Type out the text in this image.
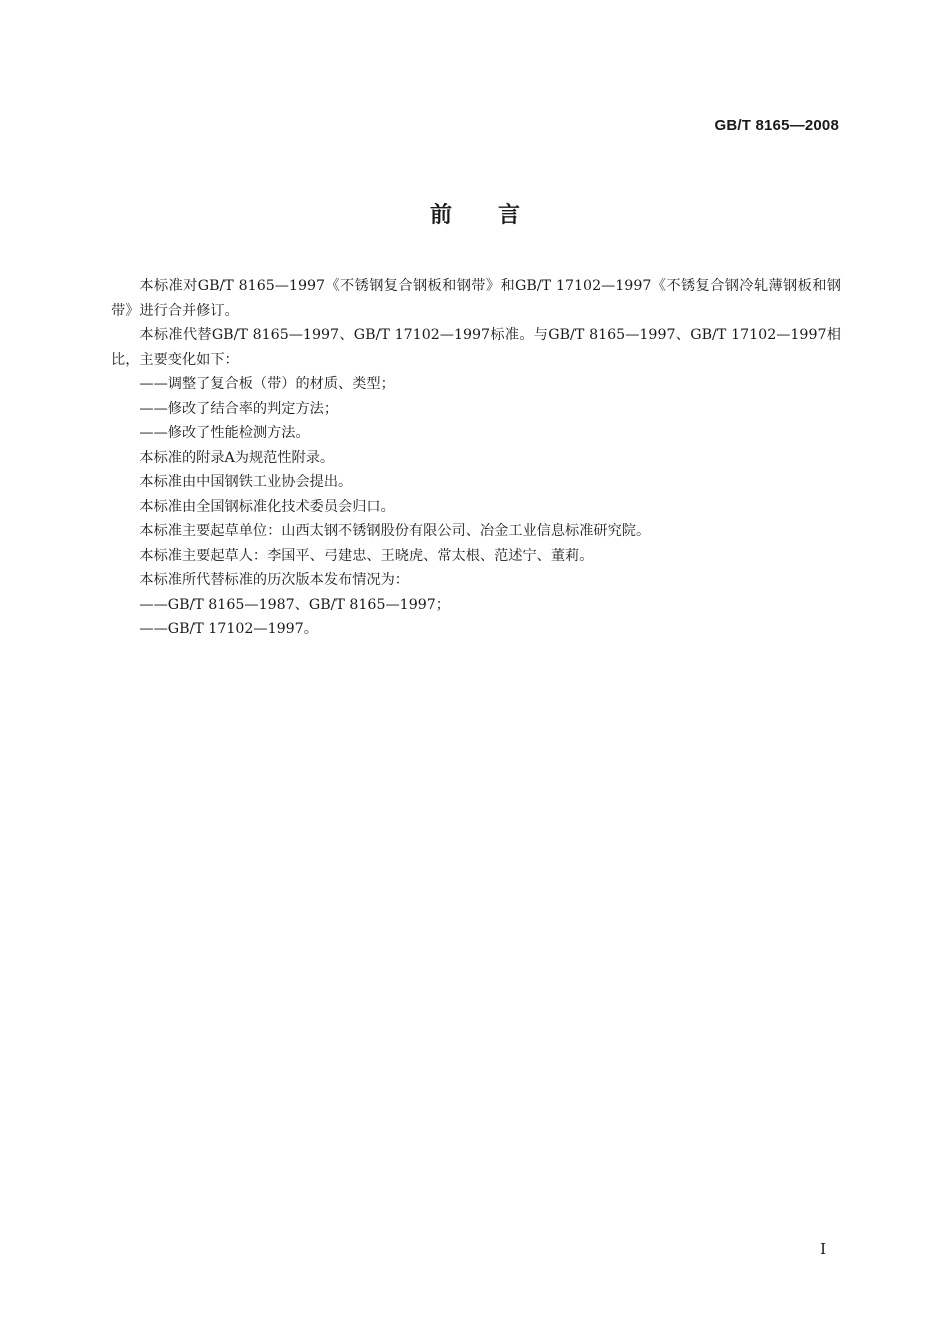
GB/T 8165—2008
前言

本标准对GB/T 8165—1997《不锈钢复合钢板和钢带》和GB/T 17102—1997《不锈复合钢冷轧薄钢板和钢带》进行合并修订。

本标准代替GB/T 8165—1997、GB/T 17102—1997标准。与GB/T 8165—1997、GB/T 17102—1997相比，主要变化如下：

——调整了复合板（带）的材质、类型；

——修改了结合率的判定方法；

——修改了性能检测方法。

本标准的附录A为规范性附录。

本标准由中国钢铁工业协会提出。

本标准由全国钢标准化技术委员会归口。

本标准主要起草单位：山西太钢不锈钢股份有限公司、冶金工业信息标准研究院。

本标准主要起草人：李国平、弓建忠、王晓虎、常太根、范述宁、董莉。

本标准所代替标准的历次版本发布情况为：

——GB/T 8165—1987、GB/T 8165—1997；

——GB/T 17102—1997。

I
